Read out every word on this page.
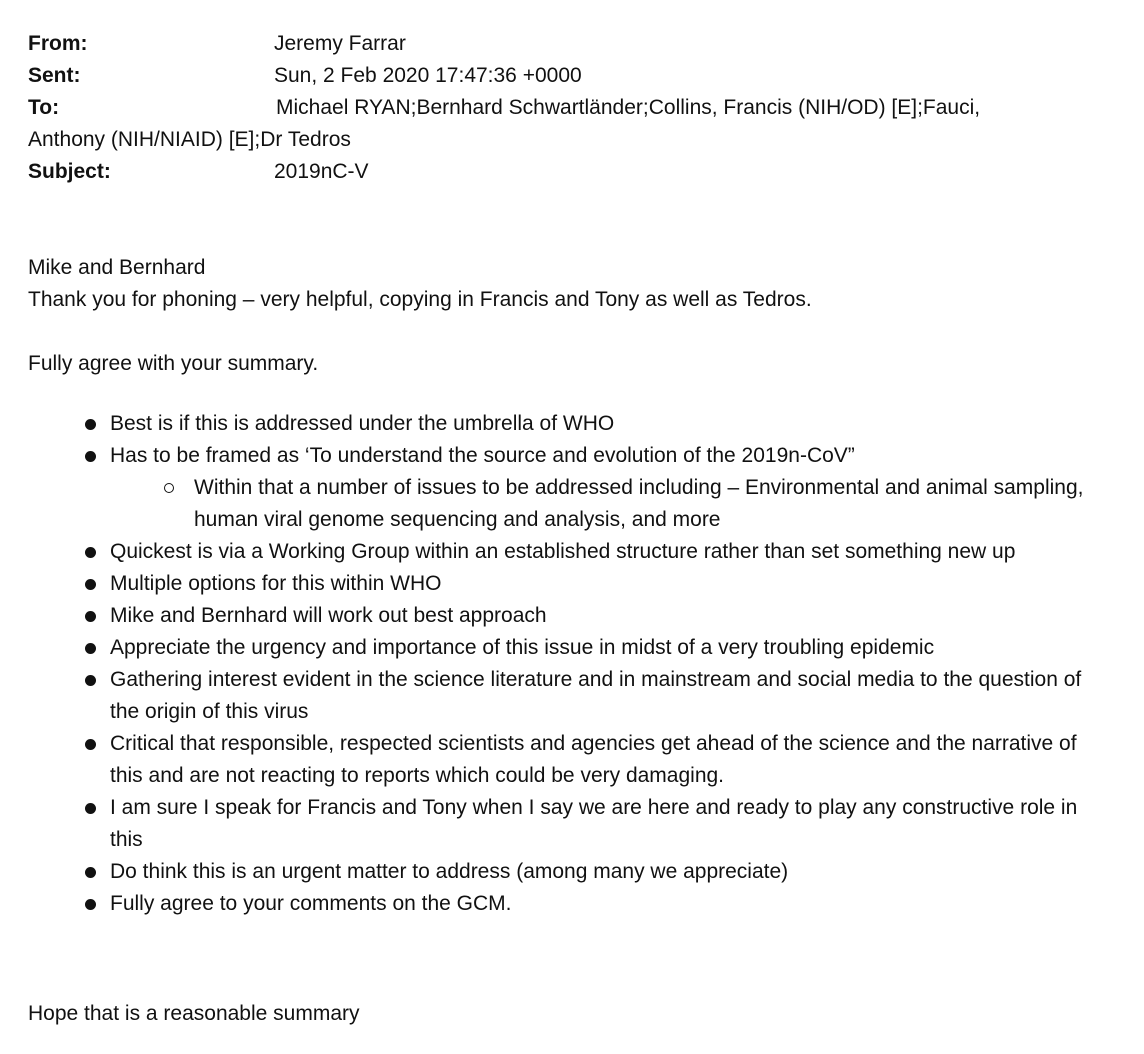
From:	Jeremy Farrar
Sent:	Sun, 2 Feb 2020 17:47:36 +0000
To:	Michael RYAN;Bernhard Schwartländer;Collins, Francis (NIH/OD) [E];Fauci,
Anthony (NIH/NIAID) [E];Dr Tedros
Subject:	2019nC-V
Mike and Bernhard
Thank you for phoning – very helpful, copying in Francis and Tony as well as Tedros.
Fully agree with your summary.
Best is if this is addressed under the umbrella of WHO
Has to be framed as ‘To understand the source and evolution of the 2019n-CoV”
Within that a number of issues to be addressed including – Environmental and animal sampling, human viral genome sequencing and analysis, and more
Quickest is via a Working Group within an established structure rather than set something new up
Multiple options for this within WHO
Mike and Bernhard will work out best approach
Appreciate the urgency and importance of this issue in midst of a very troubling epidemic
Gathering interest evident in the science literature and in mainstream and social media to the question of the origin of this virus
Critical that responsible, respected scientists and agencies get ahead of the science and the narrative of this and are not reacting to reports which could be very damaging.
I am sure I speak for Francis and Tony when I say we are here and ready to play any constructive role in this
Do think this is an urgent matter to address (among many we appreciate)
Fully agree to your comments on the GCM.
Hope that is a reasonable summary
